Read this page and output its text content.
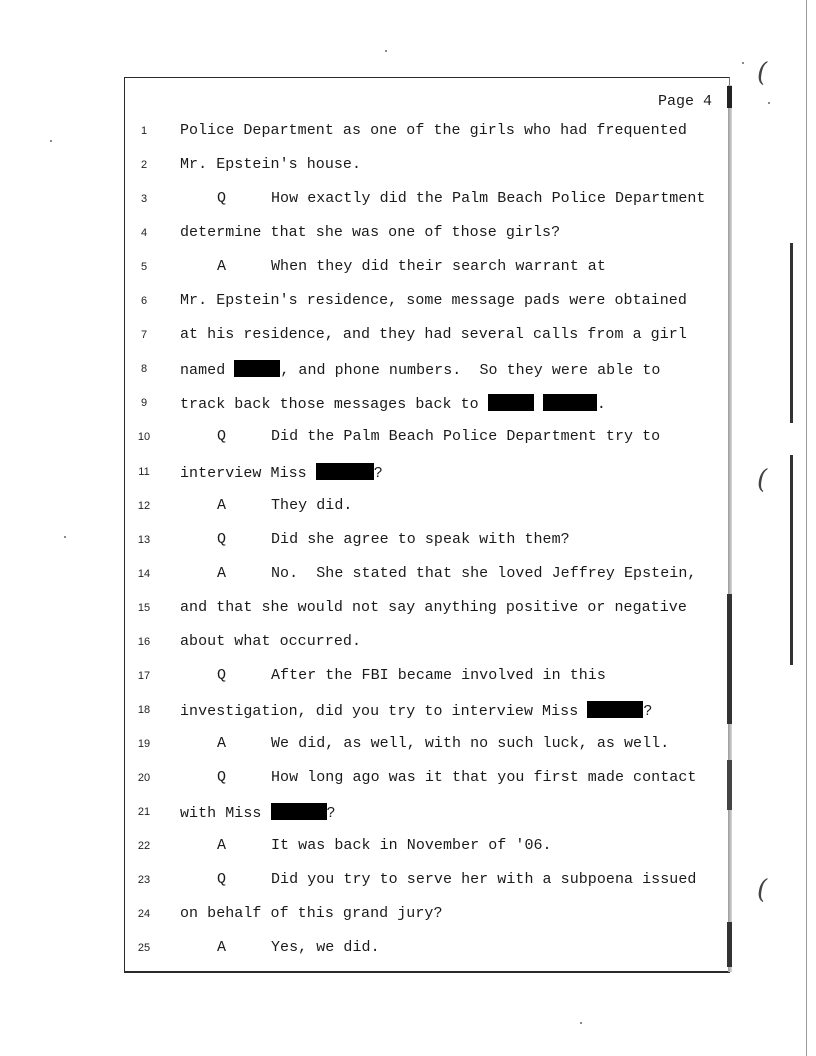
(
(
(
Page 4
1	Police Department as one of the girls who had frequented
2	Mr. Epstein's house.
3	Q	How exactly did the Palm Beach Police Department
4	determine that she was one of those girls?
5	A	When they did their search warrant at
6	Mr. Epstein's residence, some message pads were obtained
7	at his residence, and they had several calls from a girl
8	named	, and phone numbers.  So they were able to
9	track back those messages back to	.
10	Q	Did the Palm Beach Police Department try to
11	interview Miss	?
12	A	They did.
13	Q	Did she agree to speak with them?
14	A	No.  She stated that she loved Jeffrey Epstein,
15	and that she would not say anything positive or negative
16	about what occurred.
17	Q	After the FBI became involved in this
18	investigation, did you try to interview Miss	?
19	A	We did, as well, with no such luck, as well.
20	Q	How long ago was it that you first made contact
21	with Miss	?
22	A	It was back in November of '06.
23	Q	Did you try to serve her with a subpoena issued
24	on behalf of this grand jury?
25	A	Yes, we did.
